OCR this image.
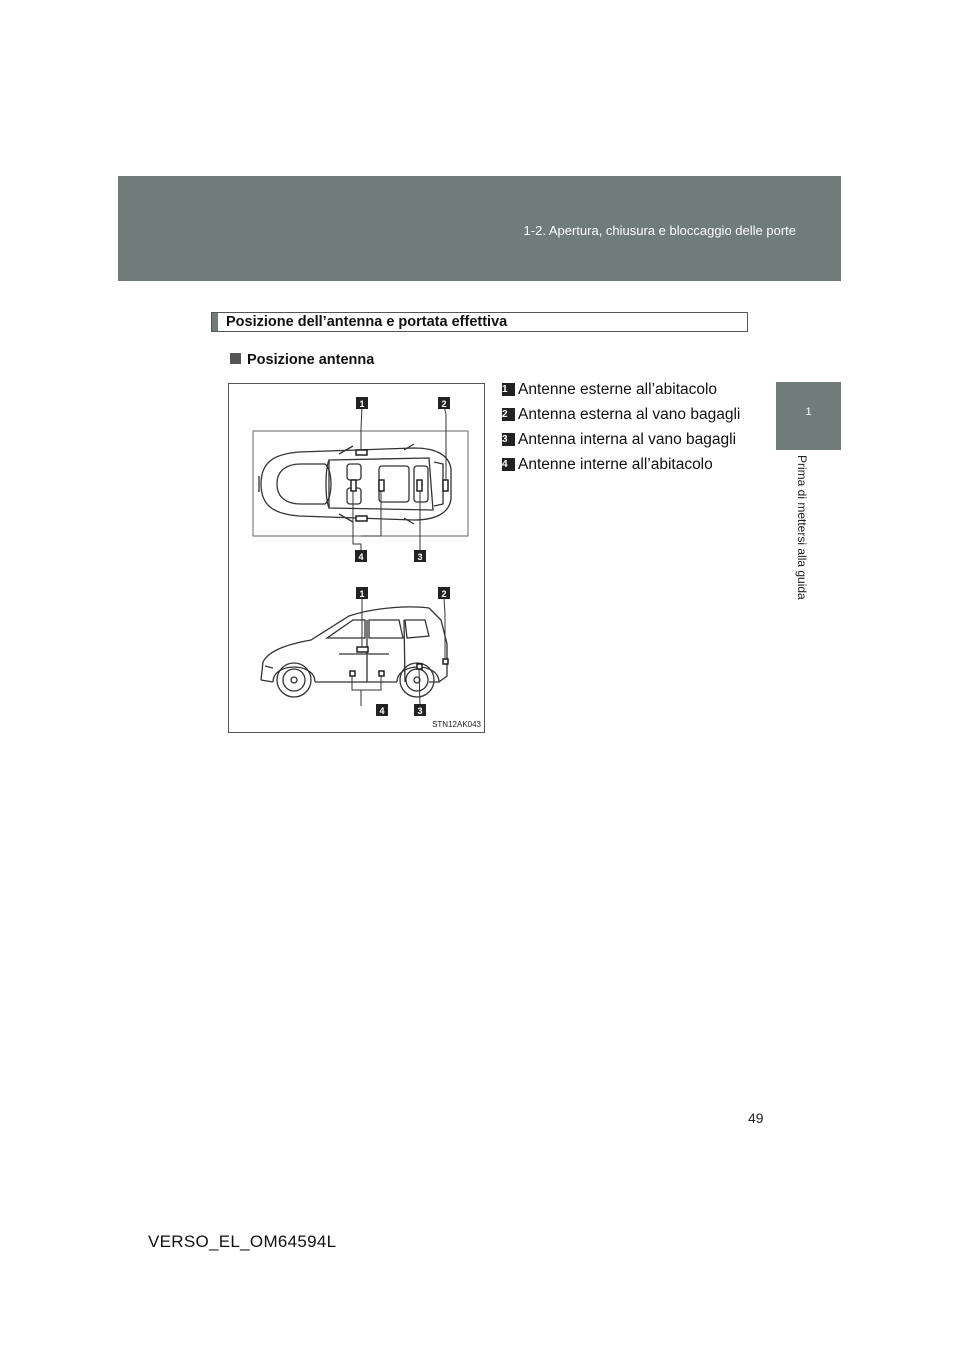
1-2. Apertura, chiusura e bloccaggio delle porte
1
Prima di mettersi alla guida
Posizione dell’antenna e portata effettiva
Posizione antenna
1	2
4	3
1	2
4	3
STN12AK043
1 Antenne esterne all’abitacolo
2 Antenna esterna al vano bagagli
3 Antenna interna al vano bagagli
4 Antenne interne all’abitacolo
49
VERSO_EL_OM64594L
